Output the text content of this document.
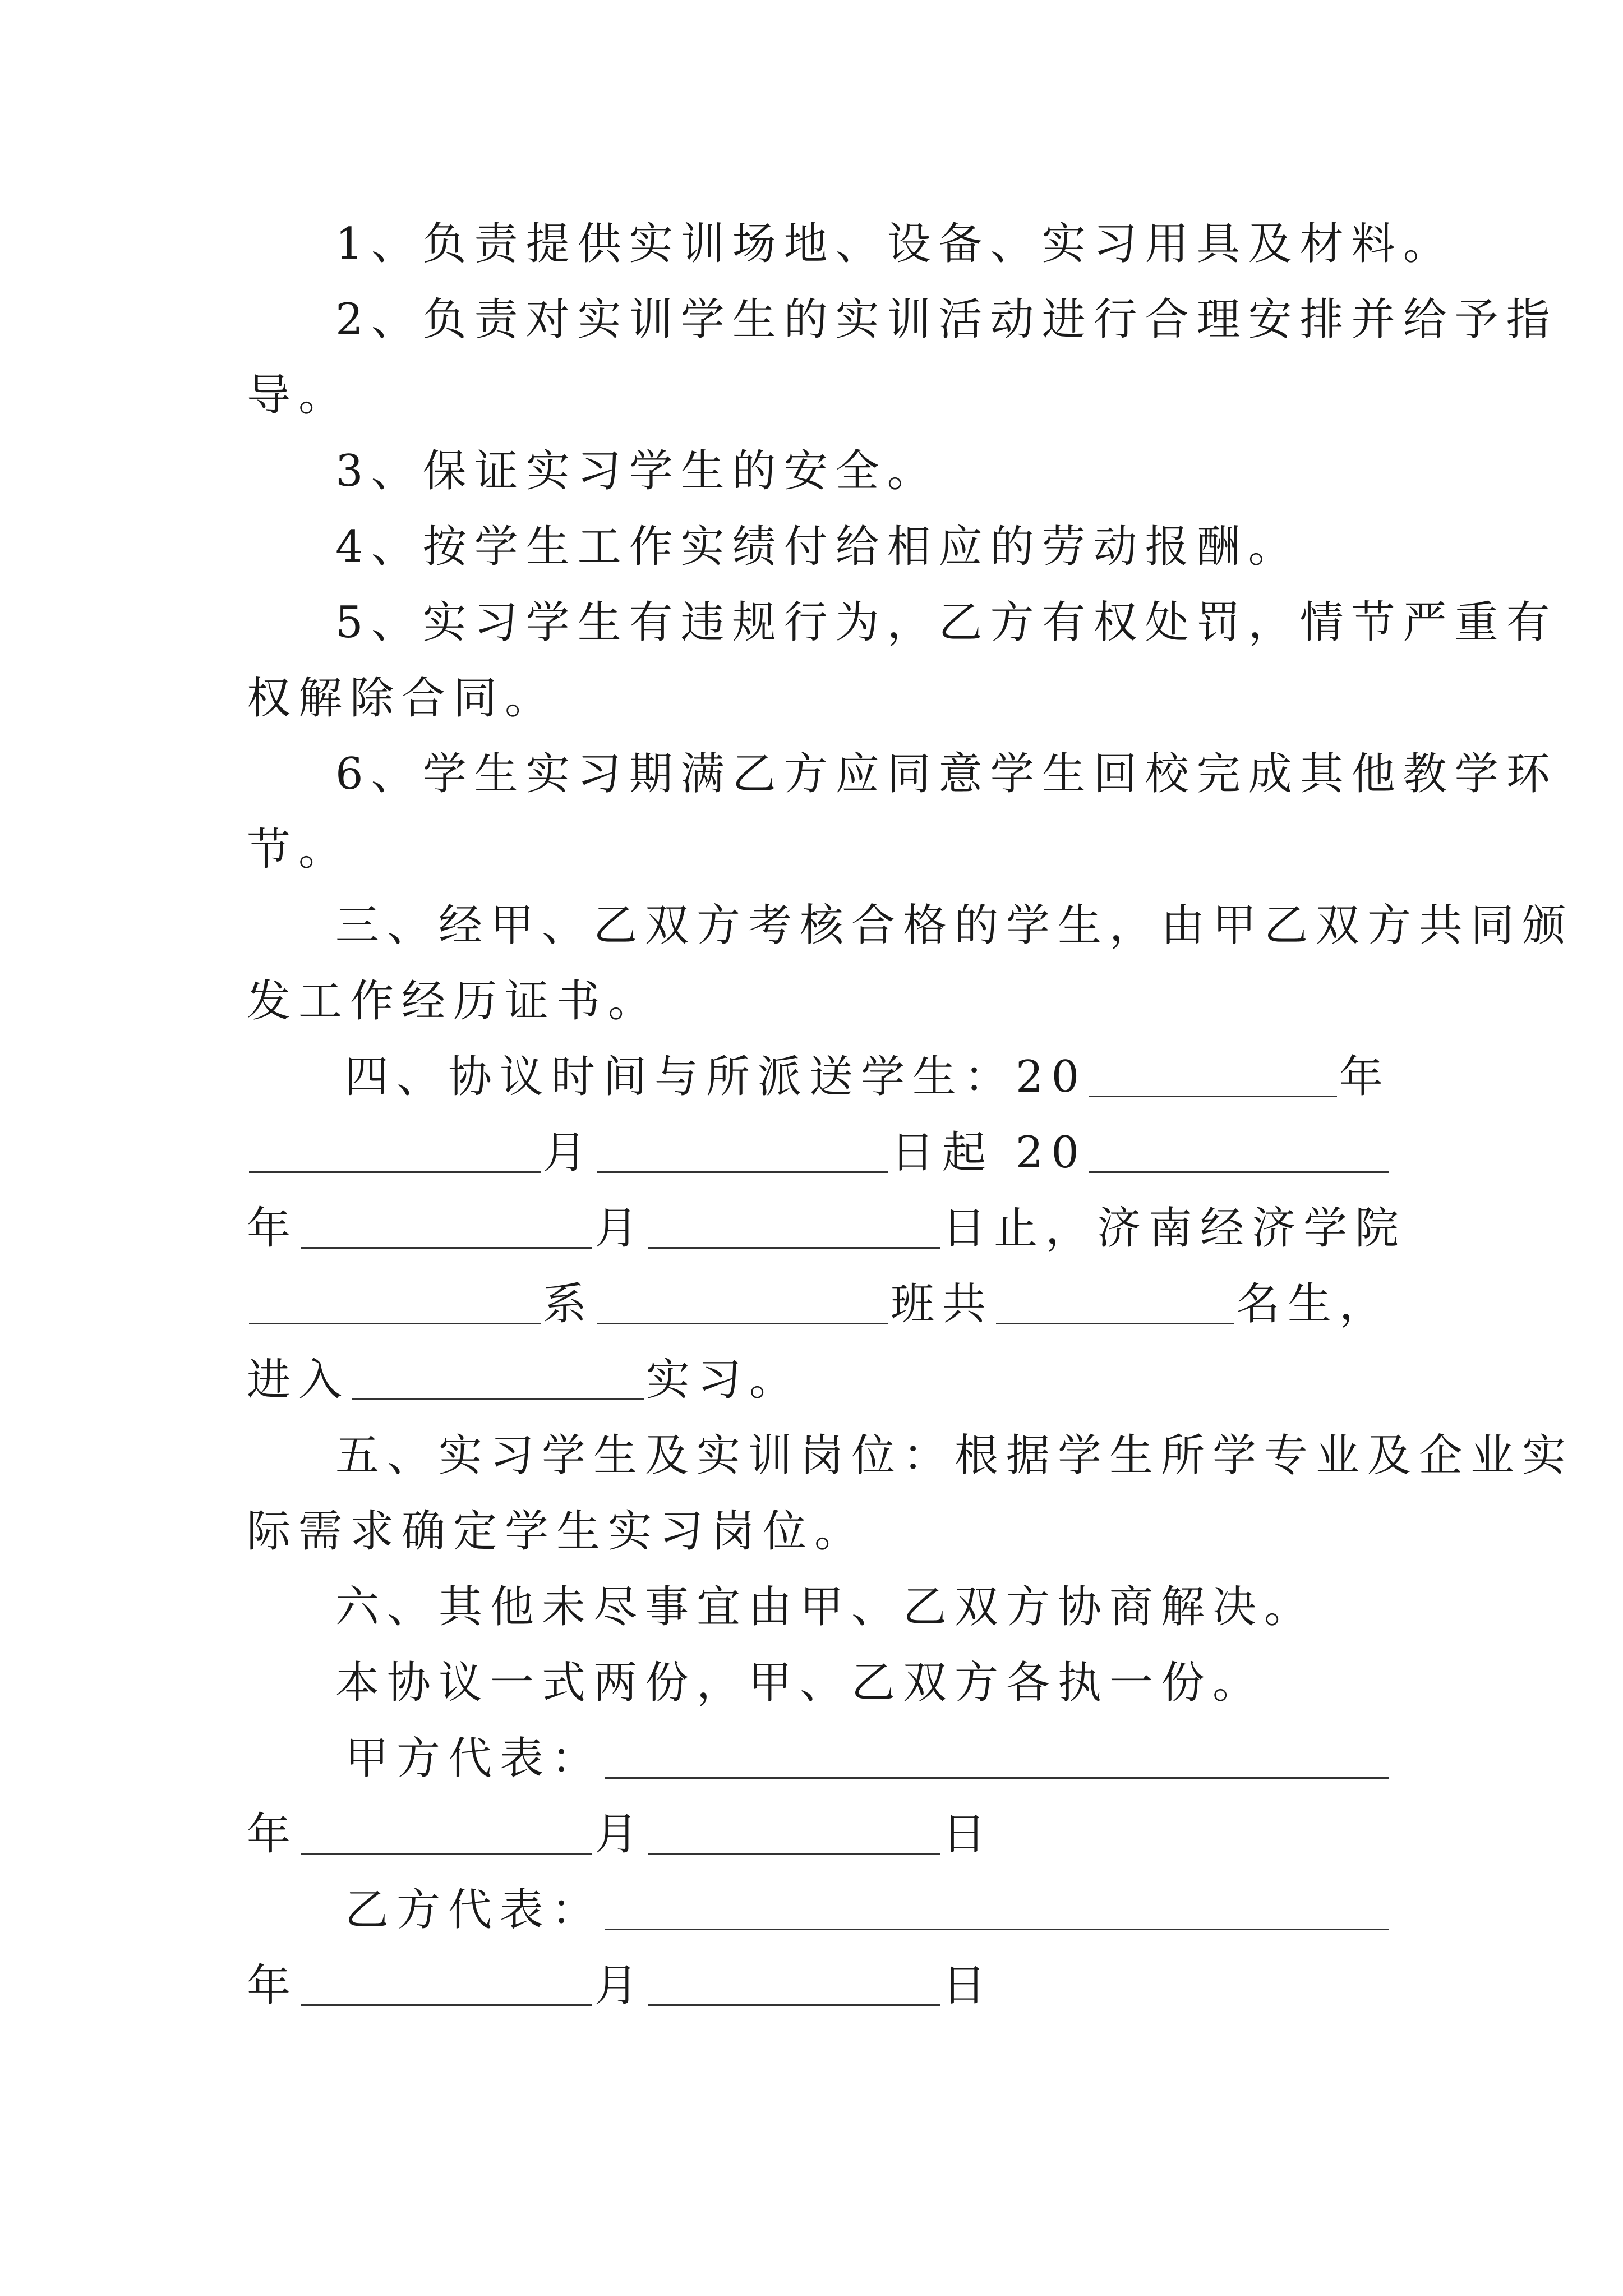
1、负责提供实训场地、设备、实习用具及材料。
2、负责对实训学生的实训活动进行合理安排并给予指
导。
3、保证实习学生的安全。
4、按学生工作实绩付给相应的劳动报酬。
5、实习学生有违规行为，乙方有权处罚，情节严重有
权解除合同。
6、学生实习期满乙方应同意学生回校完成其他教学环
节。
三、经甲、乙双方考核合格的学生，由甲乙双方共同颁
发工作经历证书。
四、协议时间与所派送学生：20	年
月	日起 20
年	月	日止，济南经济学院
系	班共	名生，
进入	实习。
五、实习学生及实训岗位：根据学生所学专业及企业实
际需求确定学生实习岗位。
六、其他未尽事宜由甲、乙双方协商解决。
本协议一式两份，甲、乙双方各执一份。
甲方代表：
年	月	日
乙方代表：
年	月	日
